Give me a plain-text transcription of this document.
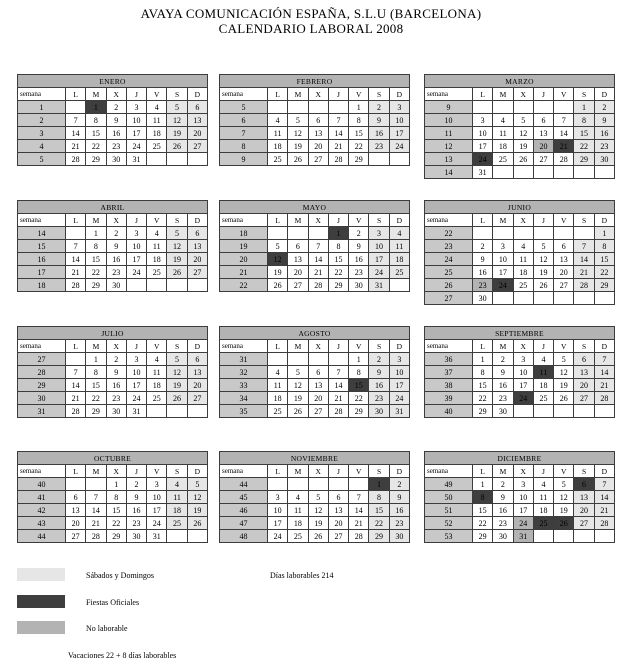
AVAYA COMUNICACIÓN ESPAÑA, S.L.U (BARCELONA)
CALENDARIO LABORAL 2008
ENERO							
semana	L	M	X	J	V	S	D
1		1	2	3	4	5	6
2	7	8	9	10	11	12	13
3	14	15	16	17	18	19	20
4	21	22	23	24	25	26	27
5	28	29	30	31			
FEBRERO							
semana	L	M	X	J	V	S	D
5					1	2	3
6	4	5	6	7	8	9	10
7	11	12	13	14	15	16	17
8	18	19	20	21	22	23	24
9	25	26	27	28	29		
MARZO							
semana	L	M	X	J	V	S	D
9						1	2
10	3	4	5	6	7	8	9
11	10	11	12	13	14	15	16
12	17	18	19	20	21	22	23
13	24	25	26	27	28	29	30
14	31						
ABRIL							
semana	L	M	X	J	V	S	D
14		1	2	3	4	5	6
15	7	8	9	10	11	12	13
16	14	15	16	17	18	19	20
17	21	22	23	24	25	26	27
18	28	29	30				
MAYO							
semana	L	M	X	J	V	S	D
18				1	2	3	4
19	5	6	7	8	9	10	11
20	12	13	14	15	16	17	18
21	19	20	21	22	23	24	25
22	26	27	28	29	30	31	
JUNIO							
semana	L	M	X	J	V	S	D
22							1
23	2	3	4	5	6	7	8
24	9	10	11	12	13	14	15
25	16	17	18	19	20	21	22
26	23	24	25	26	27	28	29
27	30						
JULIO							
semana	L	M	X	J	V	S	D
27		1	2	3	4	5	6
28	7	8	9	10	11	12	13
29	14	15	16	17	18	19	20
30	21	22	23	24	25	26	27
31	28	29	30	31			
AGOSTO							
semana	L	M	X	J	V	S	D
31					1	2	3
32	4	5	6	7	8	9	10
33	11	12	13	14	15	16	17
34	18	19	20	21	22	23	24
35	25	26	27	28	29	30	31
SEPTIEMBRE							
semana	L	M	X	J	V	S	D
36	1	2	3	4	5	6	7
37	8	9	10	11	12	13	14
38	15	16	17	18	19	20	21
39	22	23	24	25	26	27	28
40	29	30					
OCTUBRE							
semana	L	M	X	J	V	S	D
40			1	2	3	4	5
41	6	7	8	9	10	11	12
42	13	14	15	16	17	18	19
43	20	21	22	23	24	25	26
44	27	28	29	30	31		
NOVIEMBRE							
semana	L	M	X	J	V	S	D
44						1	2
45	3	4	5	6	7	8	9
46	10	11	12	13	14	15	16
47	17	18	19	20	21	22	23
48	24	25	26	27	28	29	30
DICIEMBRE							
semana	L	M	X	J	V	S	D
49	1	2	3	4	5	6	7
50	8	9	10	11	12	13	14
51	15	16	17	18	19	20	21
52	22	23	24	25	26	27	28
53	29	30	31				
Sábados y Domingos
Fiestas Oficiales
No laborable
Días laborables 214
Vacaciones 22 + 8 días laborables
